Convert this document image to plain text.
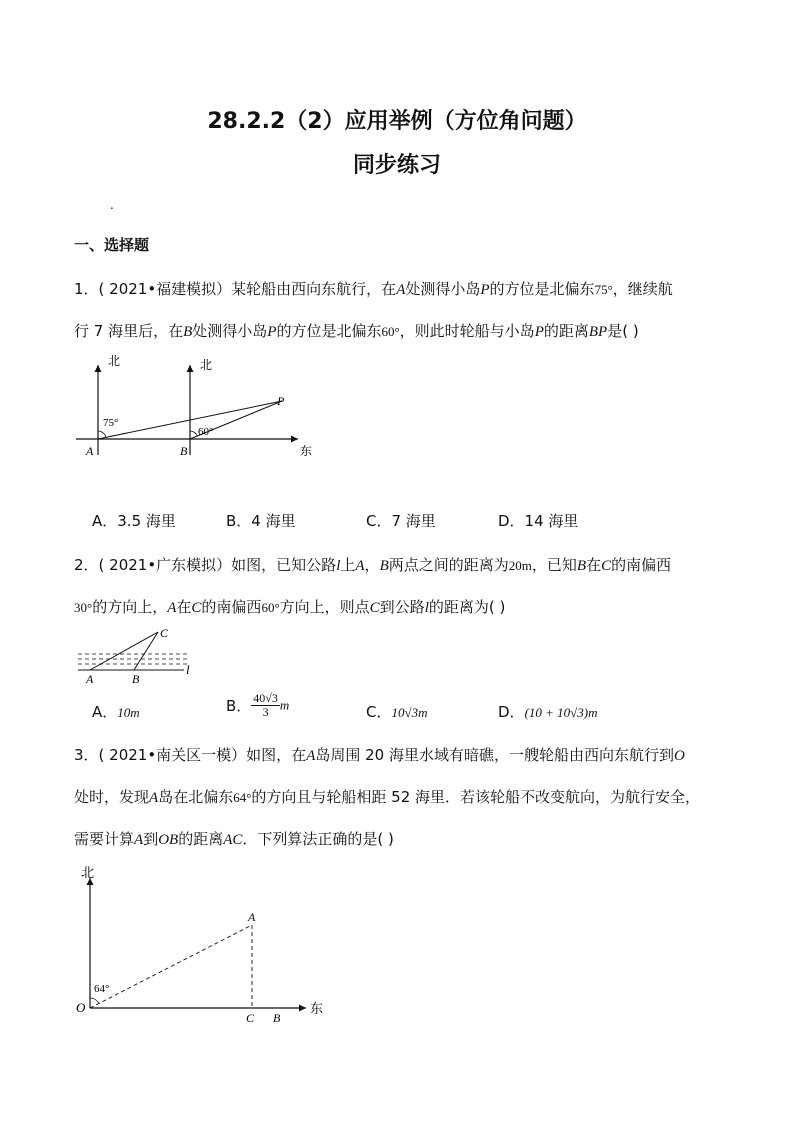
28.2.2（2）应用举例（方位角问题）
同步练习
.
一、选择题
1．( 2021•福建模拟）某轮船由西向东航行，在A处测得小岛P的方位是北偏东75°，继续航
行 7 海里后，在B处测得小岛P的方位是北偏东60°，则此时轮船与小岛P的距离BP是( )
北	北
东
A	B
P
75°
60°
A．3.5 海里	B．4 海里	C．7 海里	D．14 海里
2．( 2021•广东模拟）如图，已知公路l上A，B两点之间的距离为20m，已知B在C的南偏西
30°的方向上，A在C的南偏西60°方向上，则点C到公路l的距离为( )
A	B
C
l
A．10m	B． $\frac{40√3}{3}$ m	C．10√3m	D．(10 + 10√3)m
3．( 2021•南关区一模）如图，在A岛周围 20 海里水域有暗礁，一艘轮船由西向东航行到O
处时，发现A岛在北偏东64°的方向且与轮船相距 52 海里．若该轮船不改变航向，为航行安全，
需要计算A到OB的距离AC．下列算法正确的是( )
北
东
O
A
C B
64°
